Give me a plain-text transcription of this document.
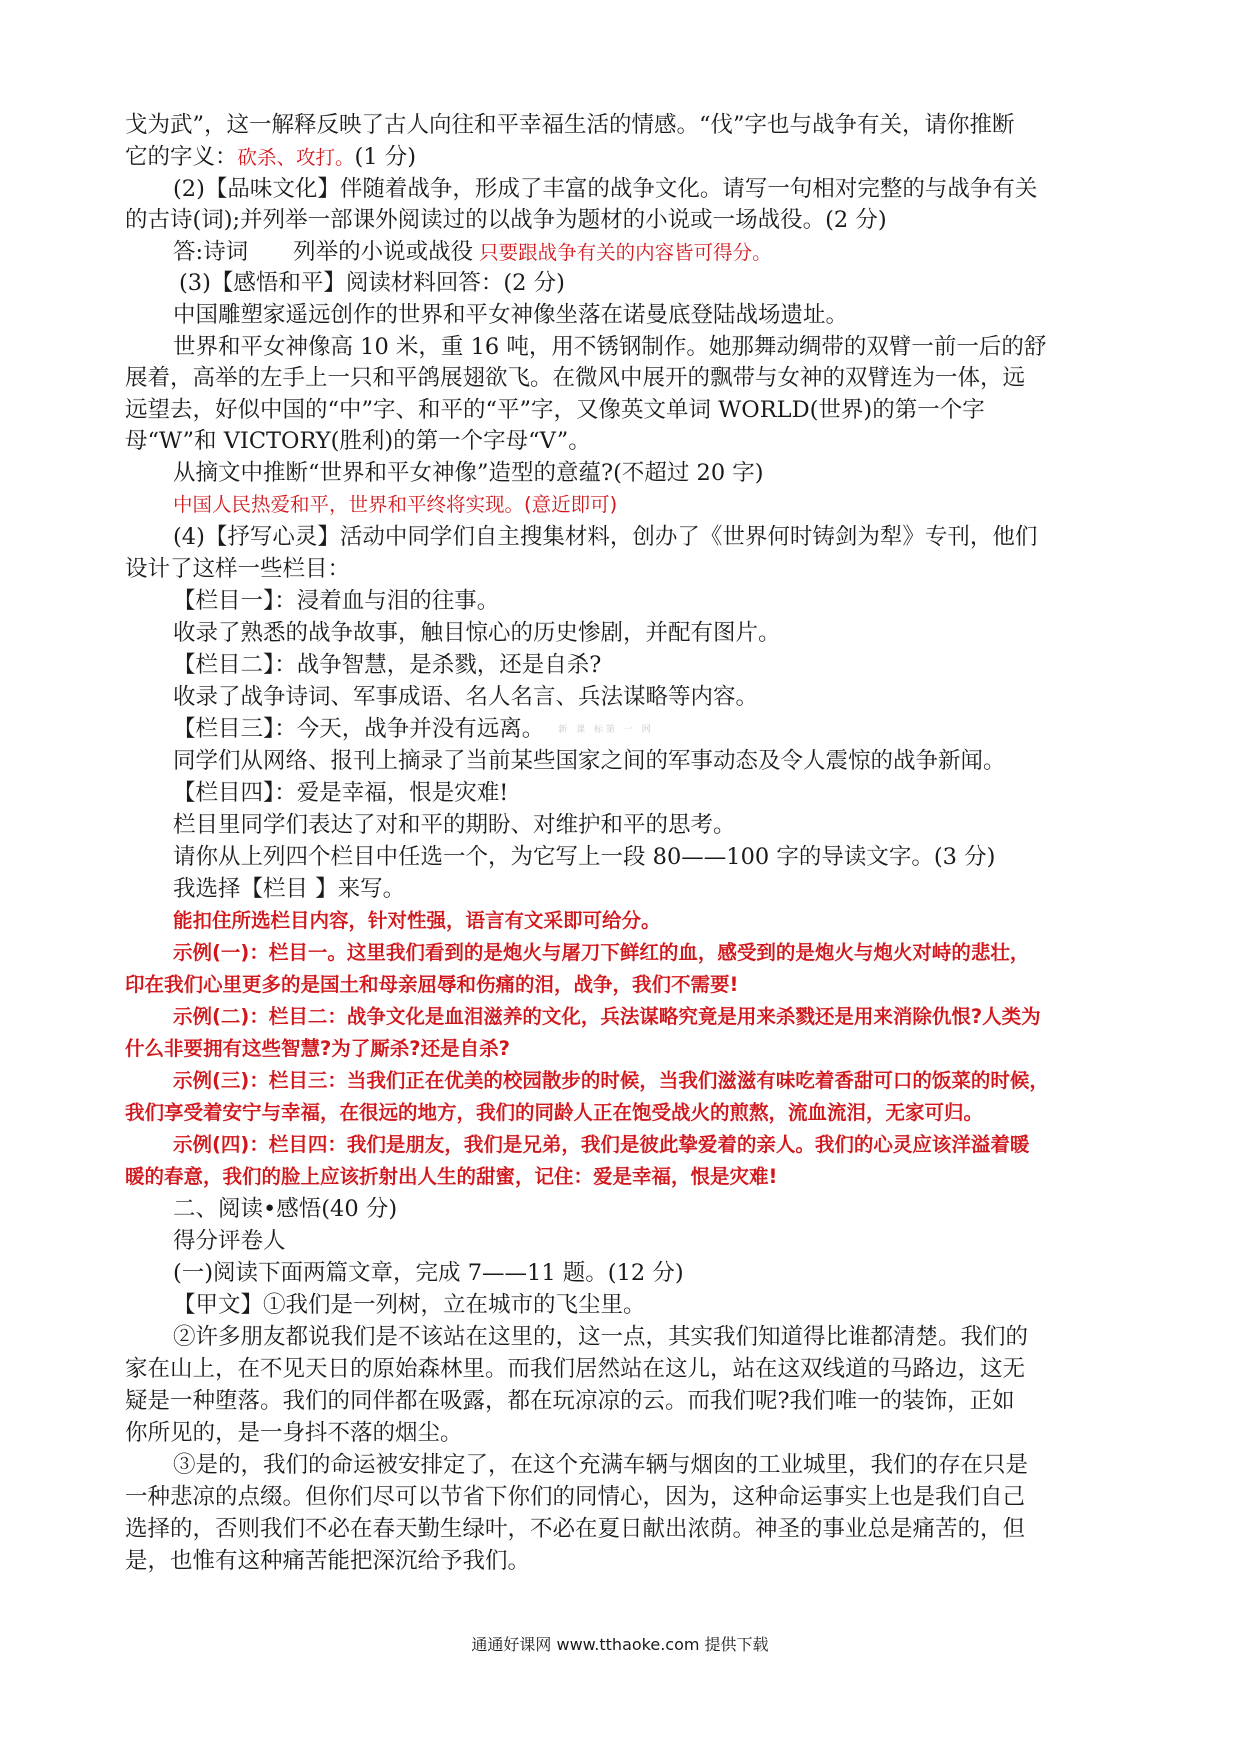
戈为武”，这一解释反映了古人向往和平幸福生活的情感。“伐”字也与战争有关，请你推断
它的字义：砍杀、攻打。(1 分)
(2)【品味文化】伴随着战争，形成了丰富的战争文化。请写一句相对完整的与战争有关
的古诗(词);并列举一部课外阅读过的以战争为题材的小说或一场战役。(2 分)
答:诗词　　列举的小说或战役 只要跟战争有关的内容皆可得分。
(3)【感悟和平】阅读材料回答：(2 分)
中国雕塑家遥远创作的世界和平女神像坐落在诺曼底登陆战场遗址。
世界和平女神像高 10 米，重 16 吨，用不锈钢制作。她那舞动绸带的双臂一前一后的舒
展着，高举的左手上一只和平鸽展翅欲飞。在微风中展开的飘带与女神的双臂连为一体，远
远望去，好似中国的“中”字、和平的“平”字，又像英文单词 WORLD(世界)的第一个字
母“W”和 VICTORY(胜利)的第一个字母“V”。
从摘文中推断“世界和平女神像”造型的意蕴?(不超过 20 字)
中国人民热爱和平，世界和平终将实现。(意近即可)
(4)【抒写心灵】活动中同学们自主搜集材料，创办了《世界何时铸剑为犁》专刊，他们
设计了这样一些栏目：
【栏目一】：浸着血与泪的往事。
收录了熟悉的战争故事，触目惊心的历史惨剧，并配有图片。
【栏目二】：战争智慧，是杀戮，还是自杀?
收录了战争诗词、军事成语、名人名言、兵法谋略等内容。
【栏目三】：今天，战争并没有远离。 新 课 标第 一 网
同学们从网络、报刊上摘录了当前某些国家之间的军事动态及令人震惊的战争新闻。
【栏目四】：爱是幸福，恨是灾难!
栏目里同学们表达了对和平的期盼、对维护和平的思考。
请你从上列四个栏目中任选一个，为它写上一段 80——100 字的导读文字。(3 分)
我选择【栏目 】来写。
能扣住所选栏目内容，针对性强，语言有文采即可给分。
示例(一)：栏目一。这里我们看到的是炮火与屠刀下鲜红的血，感受到的是炮火与炮火对峙的悲壮，
印在我们心里更多的是国土和母亲屈辱和伤痛的泪，战争，我们不需要!
示例(二)：栏目二：战争文化是血泪滋养的文化，兵法谋略究竟是用来杀戮还是用来消除仇恨?人类为
什么非要拥有这些智慧?为了厮杀?还是自杀?
示例(三)：栏目三：当我们正在优美的校园散步的时候，当我们滋滋有味吃着香甜可口的饭菜的时候，
我们享受着安宁与幸福，在很远的地方，我们的同龄人正在饱受战火的煎熬，流血流泪，无家可归。
示例(四)：栏目四：我们是朋友，我们是兄弟，我们是彼此挚爱着的亲人。我们的心灵应该洋溢着暖
暖的春意，我们的脸上应该折射出人生的甜蜜，记住：爱是幸福，恨是灾难!
二、阅读•感悟(40 分)
得分评卷人
(一)阅读下面两篇文章，完成 7——11 题。(12 分)
【甲文】①我们是一列树，立在城市的飞尘里。
②许多朋友都说我们是不该站在这里的，这一点，其实我们知道得比谁都清楚。我们的
家在山上，在不见天日的原始森林里。而我们居然站在这儿，站在这双线道的马路边，这无
疑是一种堕落。我们的同伴都在吸露，都在玩凉凉的云。而我们呢?我们唯一的装饰，正如
你所见的，是一身抖不落的烟尘。
③是的，我们的命运被安排定了，在这个充满车辆与烟囱的工业城里，我们的存在只是
一种悲凉的点缀。但你们尽可以节省下你们的同情心，因为，这种命运事实上也是我们自己
选择的，否则我们不必在春天勤生绿叶，不必在夏日献出浓荫。神圣的事业总是痛苦的，但
是，也惟有这种痛苦能把深沉给予我们。
通通好课网 www.tthaoke.com 提供下载
